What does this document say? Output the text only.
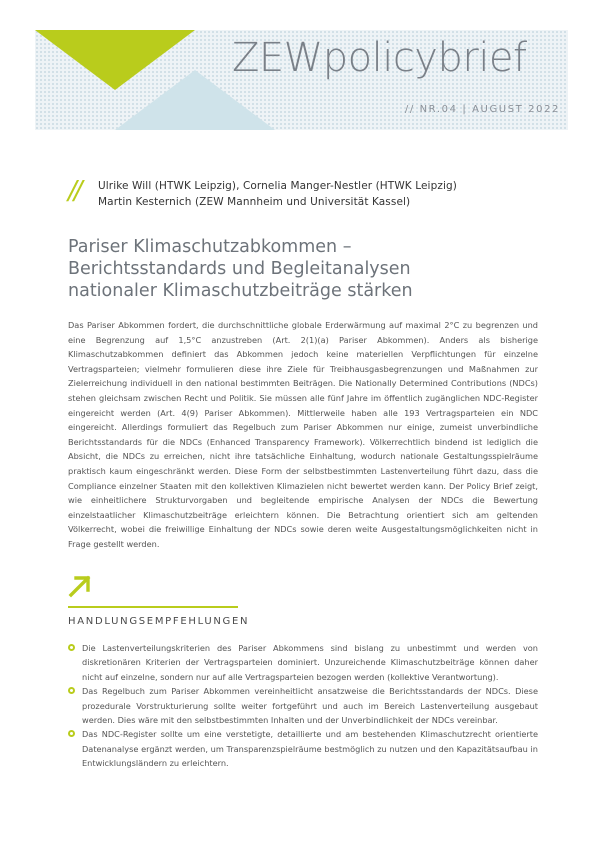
ZEWpolicybrief
// NR.04 | AUGUST 2022
// Ulrike Will (HTWK Leipzig), Cornelia Manger-Nestler (HTWK Leipzig)
Martin Kesternich (ZEW Mannheim und Universität Kassel)
Pariser Klimaschutzabkommen –
Berichtsstandards und Begleitanalysen
nationaler Klimaschutzbeiträge stärken

Das Pariser Abkommen fordert, die durchschnittliche globale Erderwärmung auf maximal 2°C zu begrenzen und eine Begrenzung auf 1,5°C anzustreben (Art. 2(1)(a) Pariser Abkommen). Anders als bisherige Klimaschutzabkommen definiert das Abkommen jedoch keine materiellen Verpflichtungen für einzelne Vertragsparteien; vielmehr formulieren diese ihre Ziele für Treibhausgasbegrenzungen und Maßnahmen zur Zielerreichung individuell in den national bestimmten Beiträgen. Die Nationally Determined Contributions (NDCs) stehen gleichsam zwischen Recht und Politik. Sie müssen alle fünf Jahre im öffentlich zugänglichen NDC-Register eingereicht werden (Art. 4(9) Pariser Abkommen). Mittlerweile haben alle 193 Vertragsparteien ein NDC eingereicht. Allerdings formuliert das Regelbuch zum Pariser Abkommen nur einige, zumeist unverbindliche Berichtsstandards für die NDCs (Enhanced Transparency Framework). Völkerrechtlich bindend ist lediglich die Absicht, die NDCs zu erreichen, nicht ihre tatsächliche Einhaltung, wodurch nationale Gestaltungsspielräume praktisch kaum eingeschränkt werden. Diese Form der selbstbestimmten Lastenverteilung führt dazu, dass die Compliance einzelner Staaten mit den kollektiven Klimazielen nicht bewertet werden kann. Der Policy Brief zeigt, wie einheitlichere Strukturvorgaben und begleitende empirische Analysen der NDCs die Bewertung einzelstaatlicher Klimaschutzbeiträge erleichtern können. Die Betrachtung orientiert sich am geltenden Völkerrecht, wobei die freiwillige Einhaltung der NDCs sowie deren weite Ausgestaltungsmöglichkeiten nicht in Frage gestellt werden.

HANDLUNGSEMPFEHLUNGEN
Die Lastenverteilungskriterien des Pariser Abkommens sind bislang zu unbestimmt und werden von diskretionären Kriterien der Vertragsparteien dominiert. Unzureichende Klimaschutzbeiträge können daher nicht auf einzelne, sondern nur auf alle Vertragsparteien bezogen werden (kollektive Verantwortung).
Das Regelbuch zum Pariser Abkommen vereinheitlicht ansatzweise die Berichtsstandards der NDCs. Diese prozedurale Vorstrukturierung sollte weiter fortgeführt und auch im Bereich Lastenverteilung ausgebaut werden. Dies wäre mit den selbstbestimmten Inhalten und der Unverbindlichkeit der NDCs vereinbar.
Das NDC-Register sollte um eine verstetigte, detaillierte und am bestehenden Klimaschutzrecht orientierte Datenanalyse ergänzt werden, um Transparenzspielräume bestmöglich zu nutzen und den Kapazitätsaufbau in Entwicklungsländern zu erleichtern.
